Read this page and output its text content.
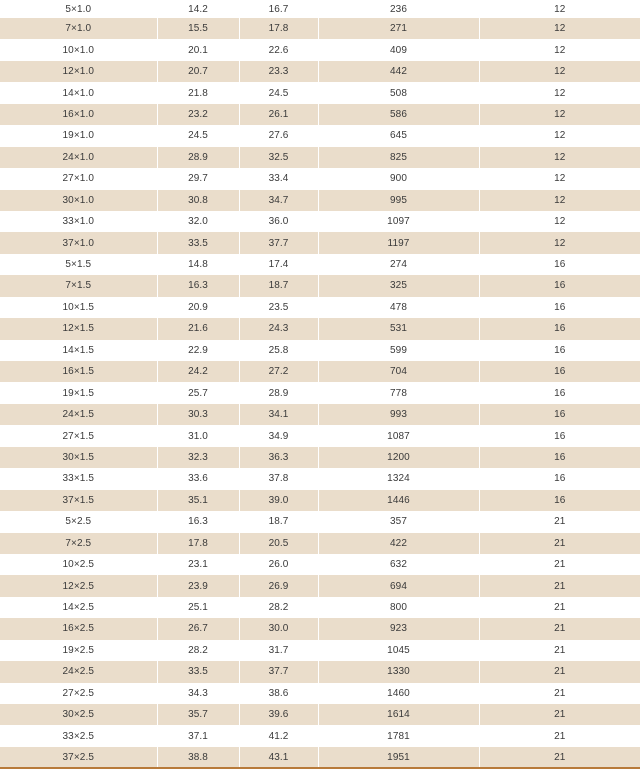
5×1.0	14.2	16.7	236	12
7×1.0	15.5	17.8	271	12
10×1.0	20.1	22.6	409	12
12×1.0	20.7	23.3	442	12
14×1.0	21.8	24.5	508	12
16×1.0	23.2	26.1	586	12
19×1.0	24.5	27.6	645	12
24×1.0	28.9	32.5	825	12
27×1.0	29.7	33.4	900	12
30×1.0	30.8	34.7	995	12
33×1.0	32.0	36.0	1097	12
37×1.0	33.5	37.7	1197	12
5×1.5	14.8	17.4	274	16
7×1.5	16.3	18.7	325	16
10×1.5	20.9	23.5	478	16
12×1.5	21.6	24.3	531	16
14×1.5	22.9	25.8	599	16
16×1.5	24.2	27.2	704	16
19×1.5	25.7	28.9	778	16
24×1.5	30.3	34.1	993	16
27×1.5	31.0	34.9	1087	16
30×1.5	32.3	36.3	1200	16
33×1.5	33.6	37.8	1324	16
37×1.5	35.1	39.0	1446	16
5×2.5	16.3	18.7	357	21
7×2.5	17.8	20.5	422	21
10×2.5	23.1	26.0	632	21
12×2.5	23.9	26.9	694	21
14×2.5	25.1	28.2	800	21
16×2.5	26.7	30.0	923	21
19×2.5	28.2	31.7	1045	21
24×2.5	33.5	37.7	1330	21
27×2.5	34.3	38.6	1460	21
30×2.5	35.7	39.6	1614	21
33×2.5	37.1	41.2	1781	21
37×2.5	38.8	43.1	1951	21
